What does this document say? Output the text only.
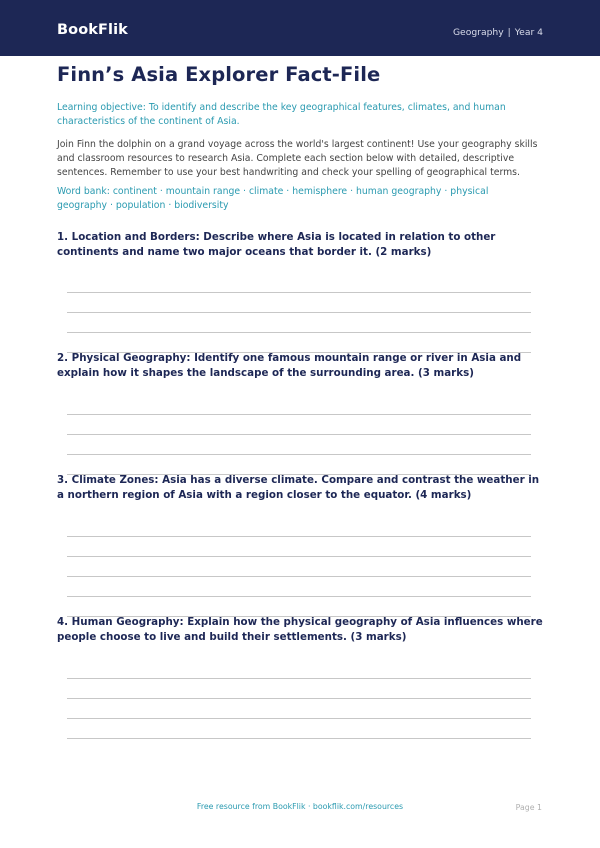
BookFlik	Geography | Year 4
Finn’s Asia Explorer Fact-File
Learning objective: To identify and describe the key geographical features, climates, and human characteristics of the continent of Asia.
Join Finn the dolphin on a grand voyage across the world's largest continent! Use your geography skills and classroom resources to research Asia. Complete each section below with detailed, descriptive sentences. Remember to use your best handwriting and check your spelling of geographical terms.
Word bank: continent · mountain range · climate · hemisphere · human geography · physical geography · population · biodiversity
1. Location and Borders: Describe where Asia is located in relation to other continents and name two major oceans that border it. (2 marks)
2. Physical Geography: Identify one famous mountain range or river in Asia and explain how it shapes the landscape of the surrounding area. (3 marks)
3. Climate Zones: Asia has a diverse climate. Compare and contrast the weather in a northern region of Asia with a region closer to the equator. (4 marks)
4. Human Geography: Explain how the physical geography of Asia influences where people choose to live and build their settlements. (3 marks)
Free resource from BookFlik · bookflik.com/resources	Page 1
